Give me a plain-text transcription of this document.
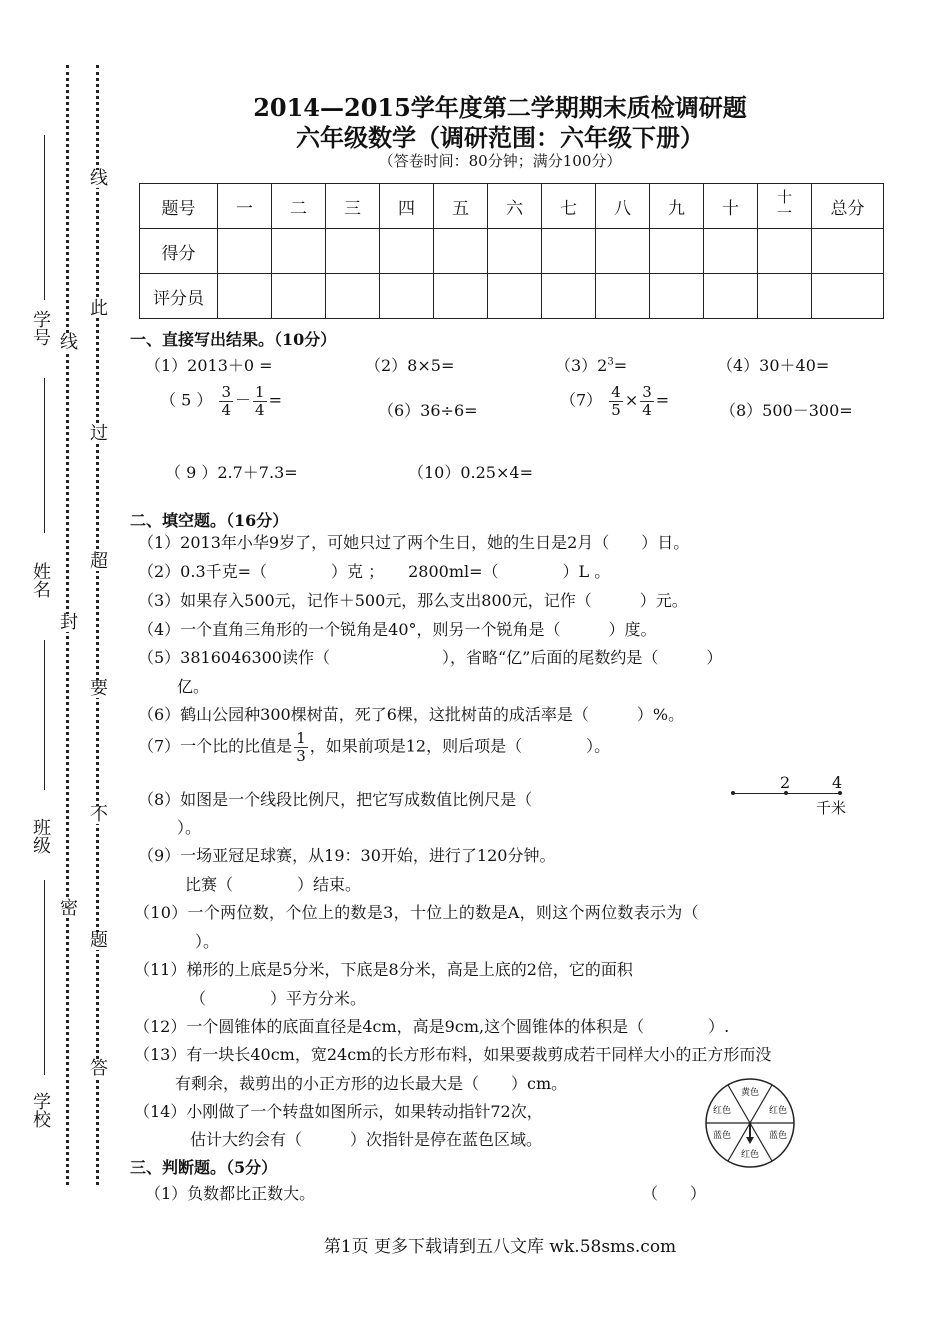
学号
姓名
班级
学校
线
封
密
线
此
过
超
要
不
题
答
2014—2015学年度第二学期期末质检调研题
六年级数学（调研范围：六年级下册）
（答卷时间：80分钟；满分100分）
题号	一	二	三	四	五	六	七	八	九	十	十一	总分
得分												
评分员												
一、直接写出结果。（10分）
（1）2013＋0 =	（2）8×5=	$(3)2^3=$	（4）30＋40=
（ 5 ） $\frac{3}{4} - \frac{1}{4}$ =
（6）36÷6=
$(7) \frac{4}{5} \times \frac{3}{4}$ =
（8）500－300=
（ 9 ）2.7＋7.3=	（10）0.25×4=
二、填空题。（16分）
（1）2013年小华9岁了，可她只过了两个生日，她的生日是2月（　　）日。
（2）0.3千克=（　　　　）克 ；　　2800ml=（　　　　）L 。
（3）如果存入500元，记作＋500元，那么支出800元，记作（　　　）元。
（4）一个直角三角形的一个锐角是40°，则另一个锐角是（　　　）度。
（5）3816046300读作（　　　　　　　），省略“亿”后面的尾数约是（　　　）
亿。
（6）鹤山公园种300棵树苗，死了6棵，这批树苗的成活率是（　　　）%。
（7）一个比的比值是 $\frac{1}{3}$ ，如果前项是12，则后项是（　　　　）。
（8）如图是一个线段比例尺，把它写成数值比例尺是（
）。
2	4
千米
（9）一场亚冠足球赛，从19：30开始，进行了120分钟。
比赛（　　　　）结束。
（10）一个两位数，个位上的数是3，十位上的数是A，则这个两位数表示为（
）。
（11）梯形的上底是5分米，下底是8分米，高是上底的2倍，它的面积
（　　　　）平方分米。
（12）一个圆锥体的底面直径是4cm，高是9cm,这个圆锥体的体积是（　　　　）.
（13）有一块长40cm，宽24cm的长方形布料，如果要裁剪成若干同样大小的正方形而没
有剩余，裁剪出的小正方形的边长最大是（　　）cm。
（14）小刚做了一个转盘如图所示，如果转动指针72次，
估计大约会有（　　　）次指针是停在蓝色区域。
黄色
红色
蓝色
红色
蓝色
红色
三、判断题。（5分）
（1）负数都比正数大。	（　　）
第1页 更多下载请到五八文库 wk.58sms.com
